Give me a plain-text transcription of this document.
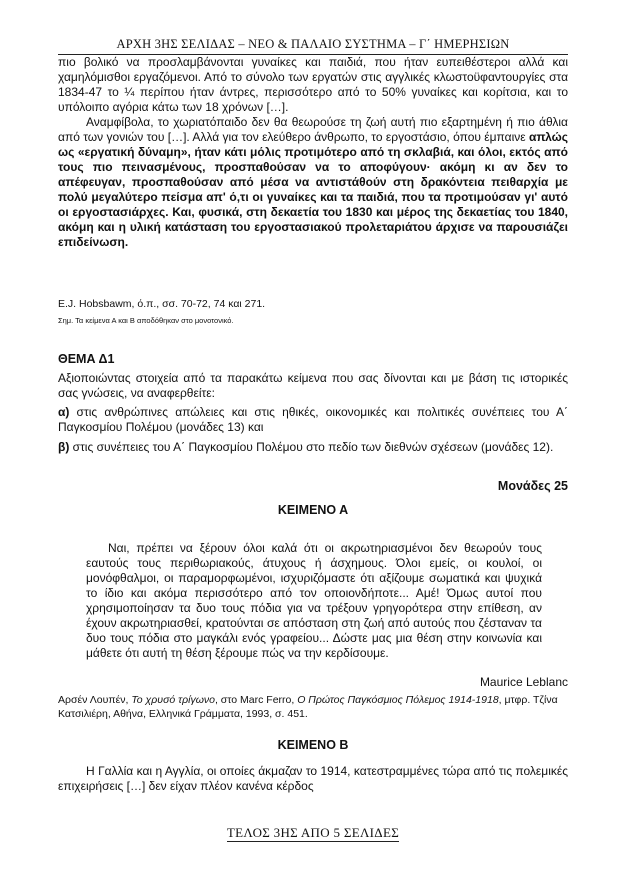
ΑΡΧΗ 3ΗΣ ΣΕΛΙΔΑΣ – ΝΕΟ & ΠΑΛΑΙΟ ΣΥΣΤΗΜΑ – Γ΄ ΗΜΕΡΗΣΙΩΝ
πιο βολικό να προσλαμβάνονται γυναίκες και παιδιά, που ήταν ευπειθέστεροι αλλά και χαμηλόμισθοι εργαζόμενοι. Από το σύνολο των εργατών στις αγγλικές κλωστοϋφαντουργίες στα 1834-47 το ¼ περίπου ήταν άντρες, περισσότερο από το 50% γυναίκες και κορίτσια, και το υπόλοιπο αγόρια κάτω των 18 χρόνων […].
Αναμφίβολα, το χωριατόπαιδο δεν θα θεωρούσε τη ζωή αυτή πιο εξαρτημένη ή πιο άθλια από των γονιών του […]. Αλλά για τον ελεύθερο άνθρωπο, το εργοστάσιο, όπου έμπαινε απλώς ως «εργατική δύναμη», ήταν κάτι μόλις προτιμότερο από τη σκλαβιά, και όλοι, εκτός από τους πιο πεινασμένους, προσπαθούσαν να το αποφύγουν· ακόμη κι αν δεν το απέφευγαν, προσπαθούσαν από μέσα να αντιστάθούν στη δρακόντεια πειθαρχία με πολύ μεγαλύτερο πείσμα απ' ό,τι οι γυναίκες και τα παιδιά, που τα προτιμούσαν γι' αυτό οι εργοστασιάρχες. Και, φυσικά, στη δεκαετία του 1830 και μέρος της δεκαετίας του 1840, ακόμη και η υλική κατάσταση του εργοστασιακού προλεταριάτου άρχισε να παρουσιάζει επιδείνωση.
E.J. Hobsbawm, ό.π., σσ. 70-72, 74 και 271.
Σημ. Τα κείμενα Α και Β αποδόθηκαν στο μονοτονικό.
ΘΕΜΑ Δ1
Αξιοποιώντας στοιχεία από τα παρακάτω κείμενα που σας δίνονται και με βάση τις ιστορικές σας γνώσεις, να αναφερθείτε:
α) στις ανθρώπινες απώλειες και στις ηθικές, οικονομικές και πολιτικές συνέπειες του Α΄ Παγκοσμίου Πολέμου (μονάδες 13) και
β) στις συνέπειες του Α΄ Παγκοσμίου Πολέμου στο πεδίο των διεθνών σχέσεων (μονάδες 12).
Μονάδες 25
ΚΕΙΜΕΝΟ Α
Ναι, πρέπει να ξέρουν όλοι καλά ότι οι ακρωτηριασμένοι δεν θεωρούν τους εαυτούς τους περιθωριακούς, άτυχους ή άσχημους. Όλοι εμείς, οι κουλοί, οι μονόφθαλμοι, οι παραμορφωμένοι, ισχυριζόμαστε ότι αξίζουμε σωματικά και ψυχικά το ίδιο και ακόμα περισσότερο από τον οποιονδήποτε... Αμέ! Όμως αυτοί που χρησιμοποίησαν τα δυο τους πόδια για να τρέξουν γρηγορότερα στην επίθεση, αν έχουν ακρωτηριασθεί, κρατούνται σε απόσταση στη ζωή από αυτούς που ζέσταναν τα δυο τους πόδια στο μαγκάλι ενός γραφείου... Δώστε μας μια θέση στην κοινωνία και μάθετε ότι αυτή τη θέση ξέρουμε πώς να την κερδίσουμε.
Maurice Leblanc
Αρσέν Λουπέν, Το χρυσό τρίγωνο, στο Marc Ferro, Ο Πρώτος Παγκόσμιος Πόλεμος 1914-1918, μτφρ. Τζίνα Κατσιλιέρη, Αθήνα, Ελληνικά Γράμματα, 1993, σ. 451.
ΚΕΙΜΕΝΟ Β
Η Γαλλία και η Αγγλία, οι οποίες άκμαζαν το 1914, κατεστραμμένες τώρα από τις πολεμικές επιχειρήσεις […] δεν είχαν πλέον κανένα κέρδος
ΤΕΛΟΣ 3ΗΣ ΑΠΟ 5 ΣΕΛΙΔΕΣ
